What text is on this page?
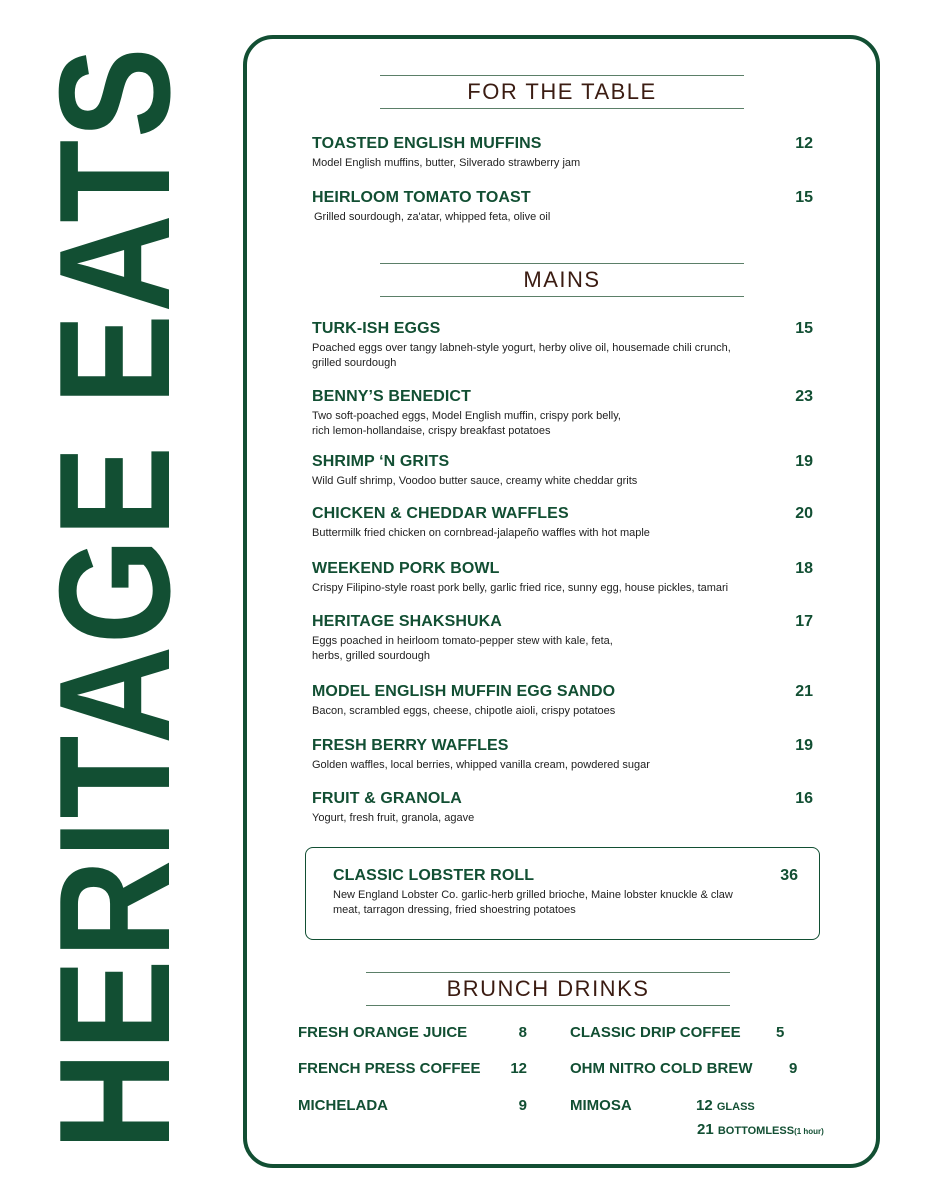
HERITAGE EATS	FOR THE TABLE
TOASTED ENGLISH MUFFINS	12
Model English muffins, butter, Silverado strawberry jam
HEIRLOOM TOMATO TOAST	15
Grilled sourdough, za'atar, whipped feta, olive oil
MAINS
TURK-ISH EGGS	15
Poached eggs over tangy labneh-style yogurt, herby olive oil, housemade chili crunch,
grilled sourdough
BENNY’S BENEDICT	23
Two soft-poached eggs, Model English muffin, crispy pork belly,
rich lemon-hollandaise, crispy breakfast potatoes
SHRIMP ‘N GRITS	19
Wild Gulf shrimp, Voodoo butter sauce, creamy white cheddar grits
CHICKEN & CHEDDAR WAFFLES	20
Buttermilk fried chicken on cornbread-jalapeño waffles with hot maple
WEEKEND PORK BOWL	18
Crispy Filipino-style roast pork belly, garlic fried rice, sunny egg, house pickles, tamari
HERITAGE SHAKSHUKA	17
Eggs poached in heirloom tomato-pepper stew with kale, feta,
herbs, grilled sourdough
MODEL ENGLISH MUFFIN EGG SANDO	21
Bacon, scrambled eggs, cheese, chipotle aioli, crispy potatoes
FRESH BERRY WAFFLES	19
Golden waffles, local berries, whipped vanilla cream, powdered sugar
FRUIT & GRANOLA	16
Yogurt, fresh fruit, granola, agave
CLASSIC LOBSTER ROLL	36
New England Lobster Co. garlic-herb grilled brioche, Maine lobster knuckle & claw
meat, tarragon dressing, fried shoestring potatoes
BRUNCH DRINKS
FRESH ORANGE JUICE	8
FRENCH PRESS COFFEE	12
MICHELADA	9
CLASSIC DRIP COFFEE 5
OHM NITRO COLD BREW 9
MIMOSA	12 GLASS
21 BOTTOMLESS(1 hour)
